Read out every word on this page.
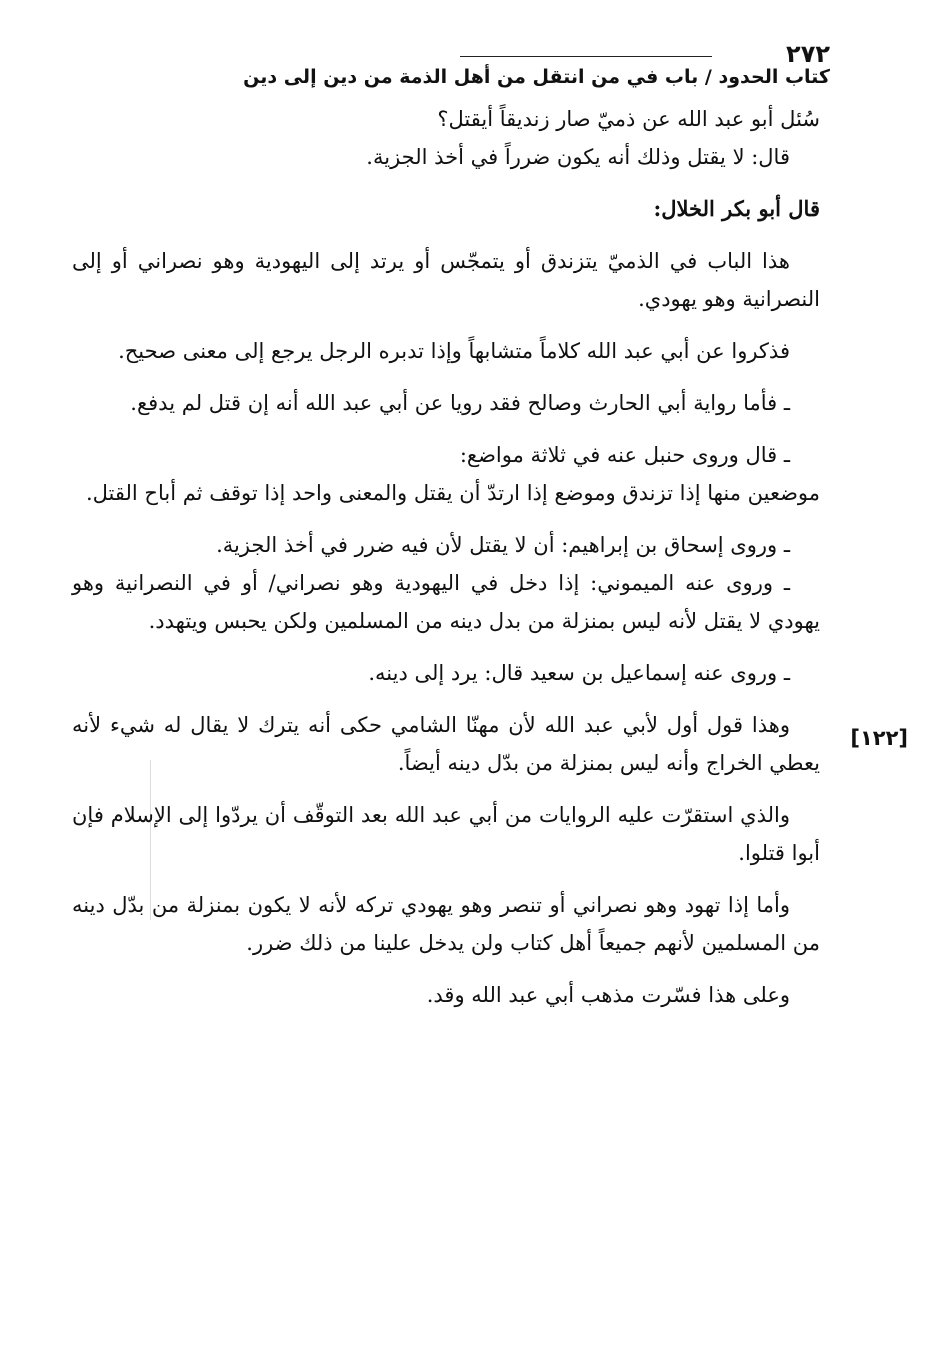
٢٧٢
كتاب الحدود / باب في من انتقل من أهل الذمة من دين إلى دين
[١٢٢]

سُئل أبو عبد الله عن ذميّ صار زنديقاً أيقتل؟

قال: لا يقتل وذلك أنه يكون ضرراً في أخذ الجزية.

قال أبو بكر الخلال:

هذا الباب في الذميّ يتزندق أو يتمجّس أو يرتد إلى اليهودية وهو نصراني أو إلى النصرانية وهو يهودي.

فذكروا عن أبي عبد الله كلاماً متشابهاً وإذا تدبره الرجل يرجع إلى معنى صحيح.

ـ فأما رواية أبي الحارث وصالح فقد رويا عن أبي عبد الله أنه إن قتل لم يدفع.

ـ قال وروى حنبل عنه في ثلاثة مواضع:

موضعين منها إذا تزندق وموضع إذا ارتدّ أن يقتل والمعنى واحد إذا توقف ثم أباح القتل.

ـ وروى إسحاق بن إبراهيم: أن لا يقتل لأن فيه ضرر في أخذ الجزية.

ـ وروى عنه الميموني: إذا دخل في اليهودية وهو نصراني/ أو في النصرانية وهو يهودي لا يقتل لأنه ليس بمنزلة من بدل دينه من المسلمين ولكن يحبس ويتهدد.

ـ وروى عنه إسماعيل بن سعيد قال: يرد إلى دينه.

وهذا قول أول لأبي عبد الله لأن مهنّا الشامي حكى أنه يترك لا يقال له شيء لأنه يعطي الخراج وأنه ليس بمنزلة من بدّل دينه أيضاً.

والذي استقرّت عليه الروايات من أبي عبد الله بعد التوقّف أن يردّوا إلى الإسلام فإن أبوا قتلوا.

وأما إذا تهود وهو نصراني أو تنصر وهو يهودي تركه لأنه لا يكون بمنزلة من بدّل دينه من المسلمين لأنهم جميعاً أهل كتاب ولن يدخل علينا من ذلك ضرر.

وعلى هذا فسّرت مذهب أبي عبد الله وقد.
